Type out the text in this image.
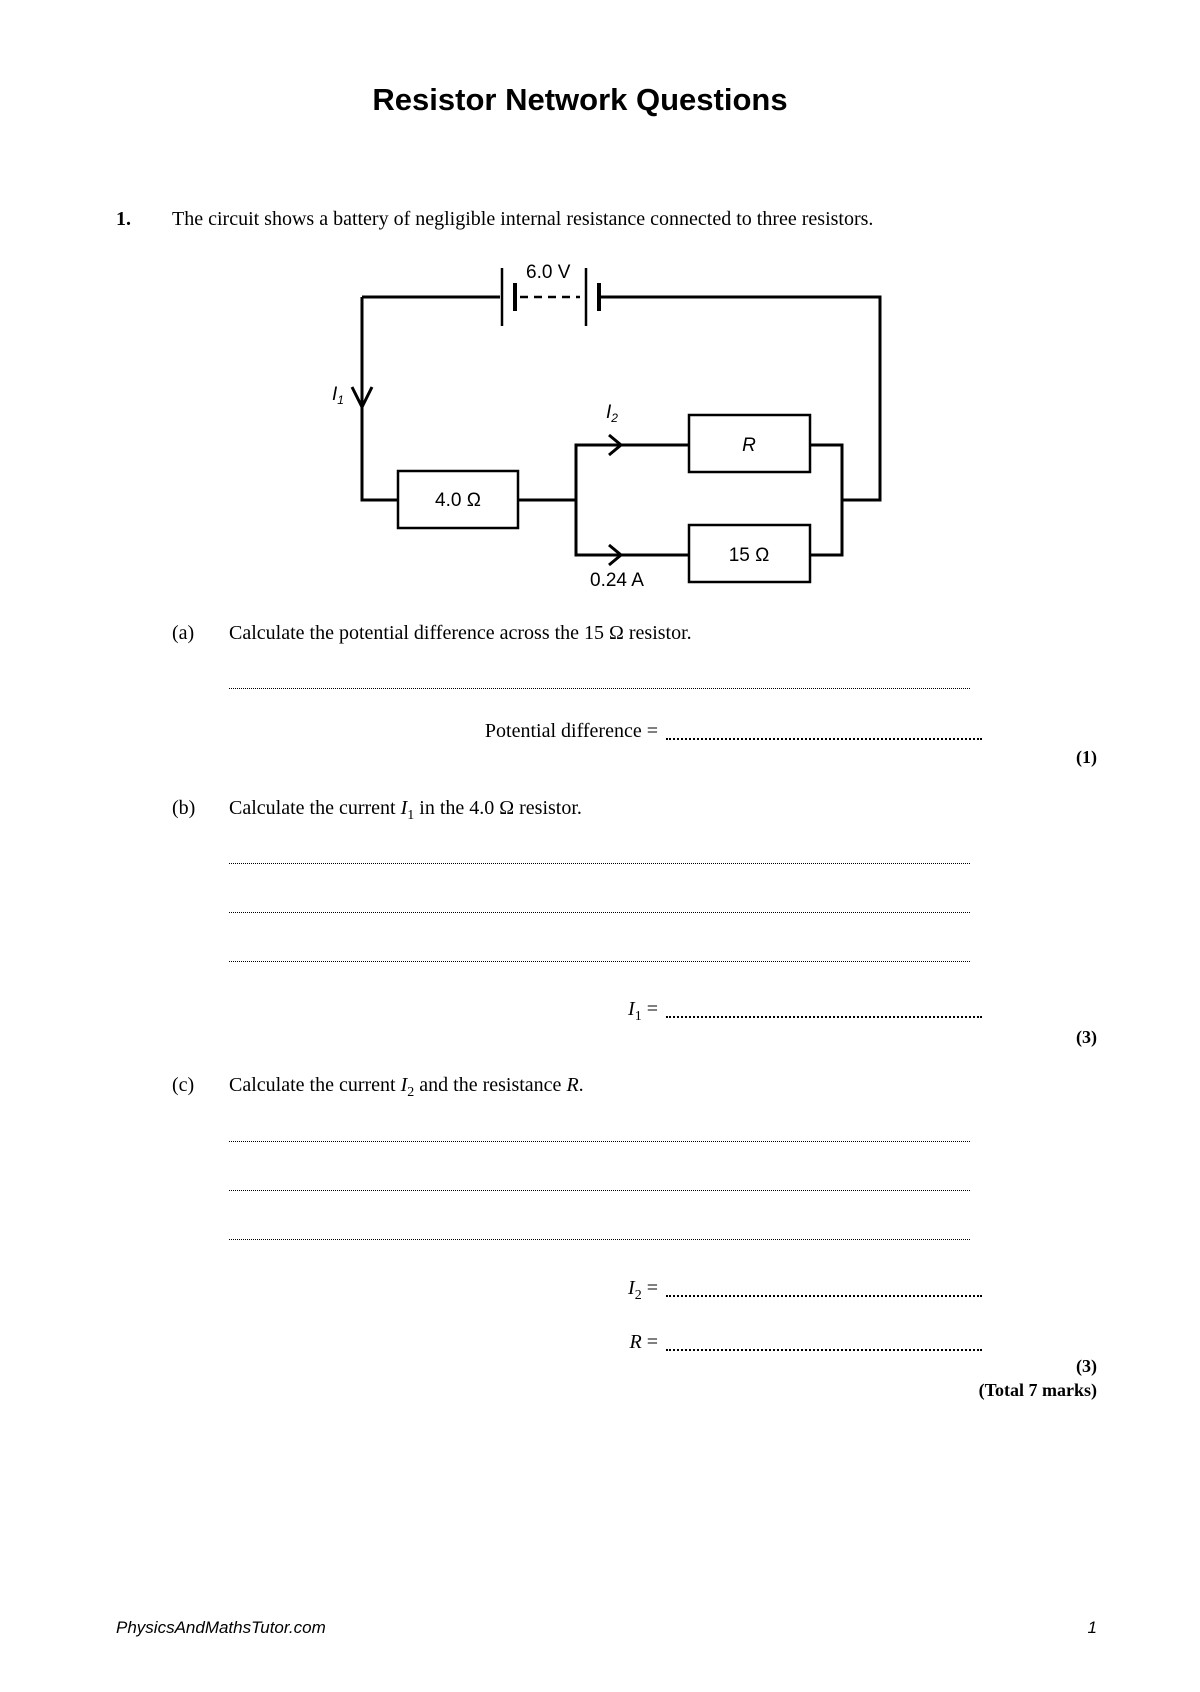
Resistor Network Questions
1. The circuit shows a battery of negligible internal resistance connected to three resistors.
6.0 V
$I_1$
$I_2$
4.0 Ω
R
15 Ω
0.24 A
(a) Calculate the potential difference across the 15 Ω resistor.
Potential difference =
(1)
(b) Calculate the current $I_1$ in the 4.0 Ω resistor.
$I_1$ =
(3)
(c) Calculate the current $I_2$ and the resistance R.
$I_2$ =
R =
(3)
(Total 7 marks)
PhysicsAndMathsTutor.com	1
